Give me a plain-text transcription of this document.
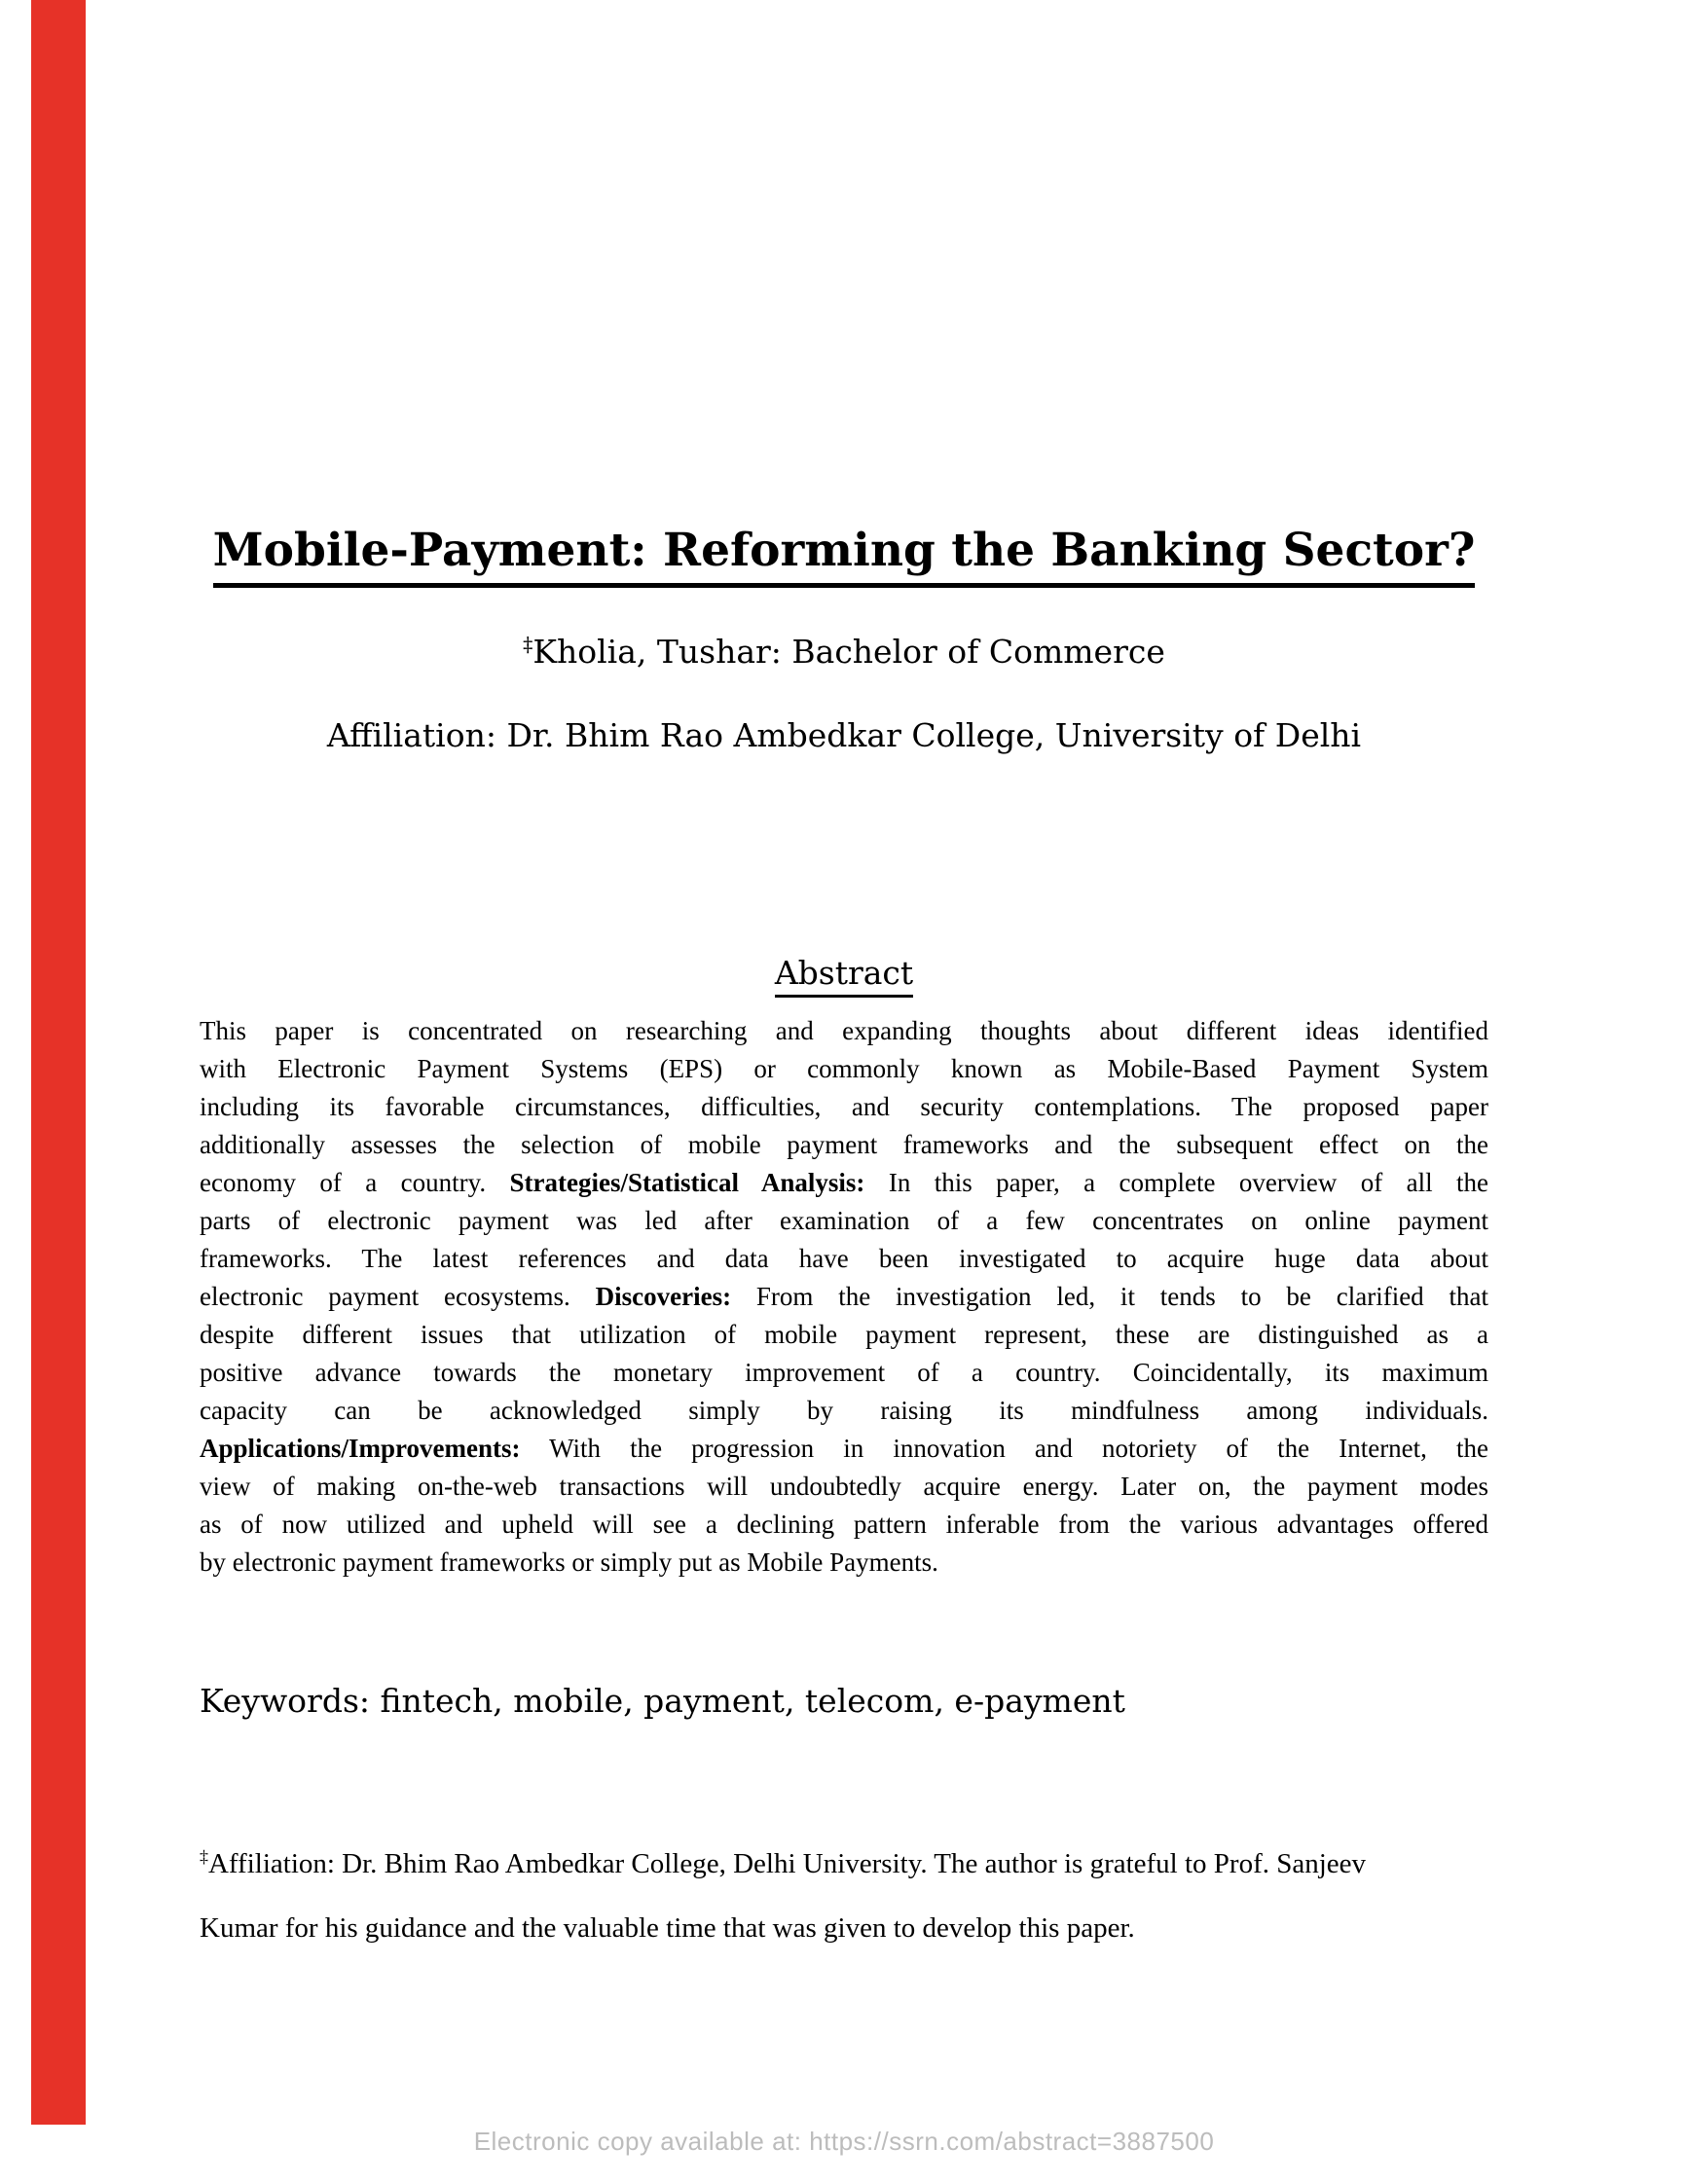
Mobile-Payment: Reforming the Banking Sector?
‡Kholia, Tushar: Bachelor of Commerce
Affiliation: Dr. Bhim Rao Ambedkar College, University of Delhi
Abstract
This paper is concentrated on researching and expanding thoughts about different ideas identified
with Electronic Payment Systems (EPS) or commonly known as Mobile-Based Payment System
including its favorable circumstances, difficulties, and security contemplations. The proposed paper
additionally assesses the selection of mobile payment frameworks and the subsequent effect on the
economy of a country. Strategies/Statistical Analysis: In this paper, a complete overview of all the
parts of electronic payment was led after examination of a few concentrates on online payment
frameworks. The latest references and data have been investigated to acquire huge data about
electronic payment ecosystems. Discoveries: From the investigation led, it tends to be clarified that
despite different issues that utilization of mobile payment represent, these are distinguished as a
positive advance towards the monetary improvement of a country. Coincidentally, its maximum
capacity can be acknowledged simply by raising its mindfulness among individuals.
Applications/Improvements: With the progression in innovation and notoriety of the Internet, the
view of making on-the-web transactions will undoubtedly acquire energy. Later on, the payment modes
as of now utilized and upheld will see a declining pattern inferable from the various advantages offered
by electronic payment frameworks or simply put as Mobile Payments.
Keywords: fintech, mobile, payment, telecom, e-payment
‡Affiliation: Dr. Bhim Rao Ambedkar College, Delhi University. The author is grateful to Prof. Sanjeev
Kumar for his guidance and the valuable time that was given to develop this paper.
Electronic copy available at: https://ssrn.com/abstract=3887500
